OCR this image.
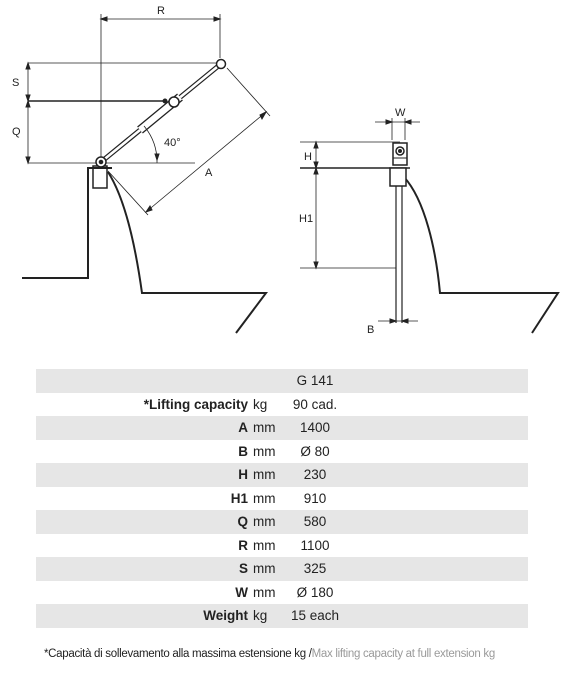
R
S
Q
40°
A
W
H
H1
B
G 141
*Lifting capacity kg	90 cad.
A mm	1400
B mm	Ø 80
H mm	230
H1 mm	910
Q mm	580
R mm	1100
S mm	325
W mm	Ø 180
Weight kg	15 each
*Capacità di sollevamento alla massima estensione kg /Max lifting capacity at full extension kg
